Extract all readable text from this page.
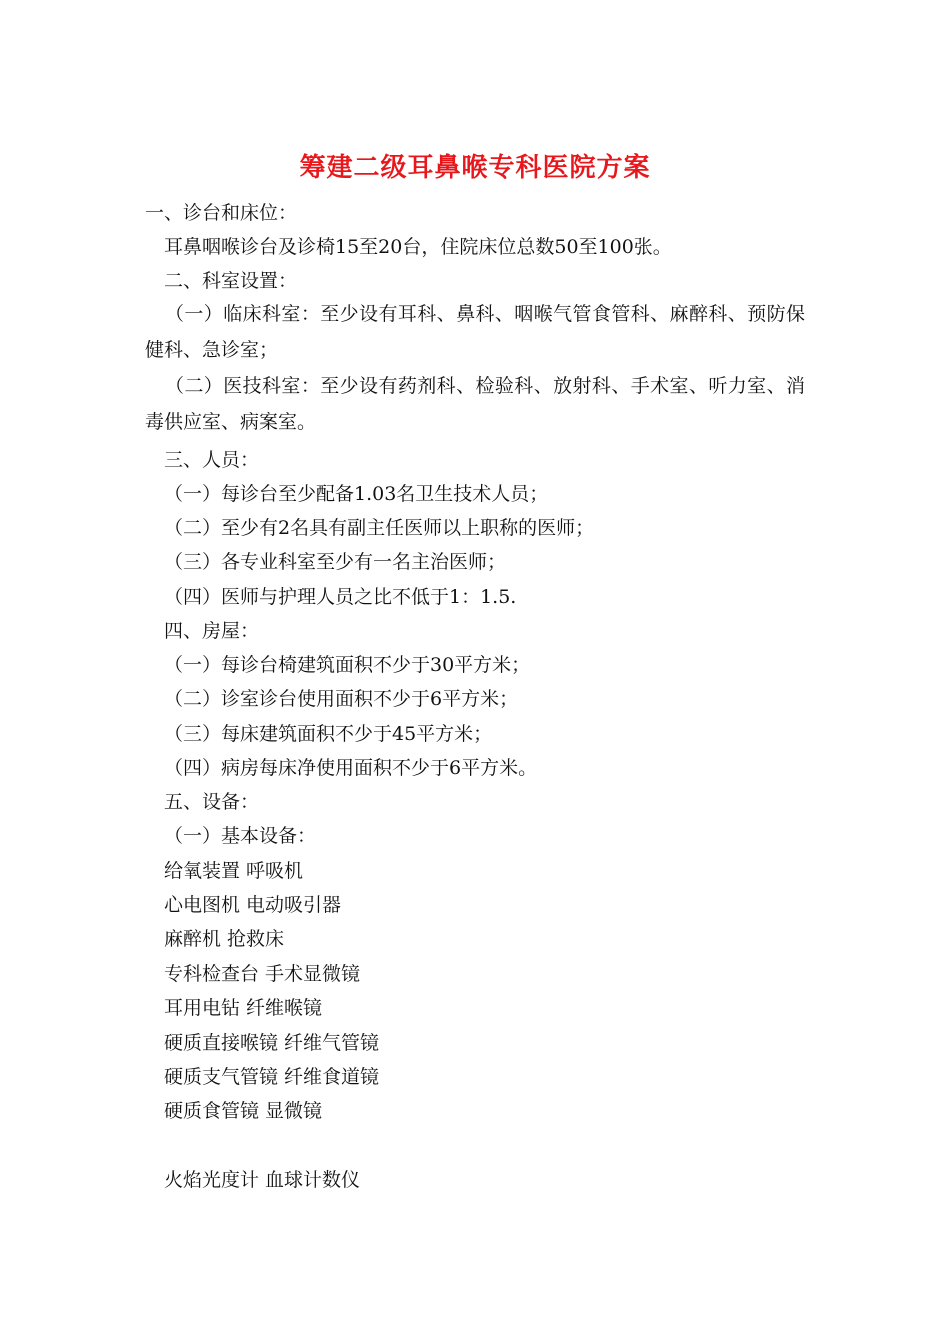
筹建二级耳鼻喉专科医院方案

一、诊台和床位：

耳鼻咽喉诊台及诊椅15至20台，住院床位总数50至100张。

二、科室设置：

（一）临床科室：至少设有耳科、鼻科、咽喉气管食管科、麻醉科、预防保健科、急诊室；

（二）医技科室：至少设有药剂科、检验科、放射科、手术室、听力室、消毒供应室、病案室。

三、人员：

（一）每诊台至少配备1.03名卫生技术人员；

（二）至少有2名具有副主任医师以上职称的医师；

（三）各专业科室至少有一名主治医师；

（四）医师与护理人员之比不低于1：1.5.

四、房屋：

（一）每诊台椅建筑面积不少于30平方米；

（二）诊室诊台使用面积不少于6平方米；

（三）每床建筑面积不少于45平方米；

（四）病房每床净使用面积不少于6平方米。

五、设备：

（一）基本设备：

给氧装置 呼吸机

心电图机 电动吸引器

麻醉机 抢救床

专科检查台 手术显微镜

耳用电钻 纤维喉镜

硬质直接喉镜 纤维气管镜

硬质支气管镜 纤维食道镜

硬质食管镜 显微镜

火焰光度计 血球计数仪
